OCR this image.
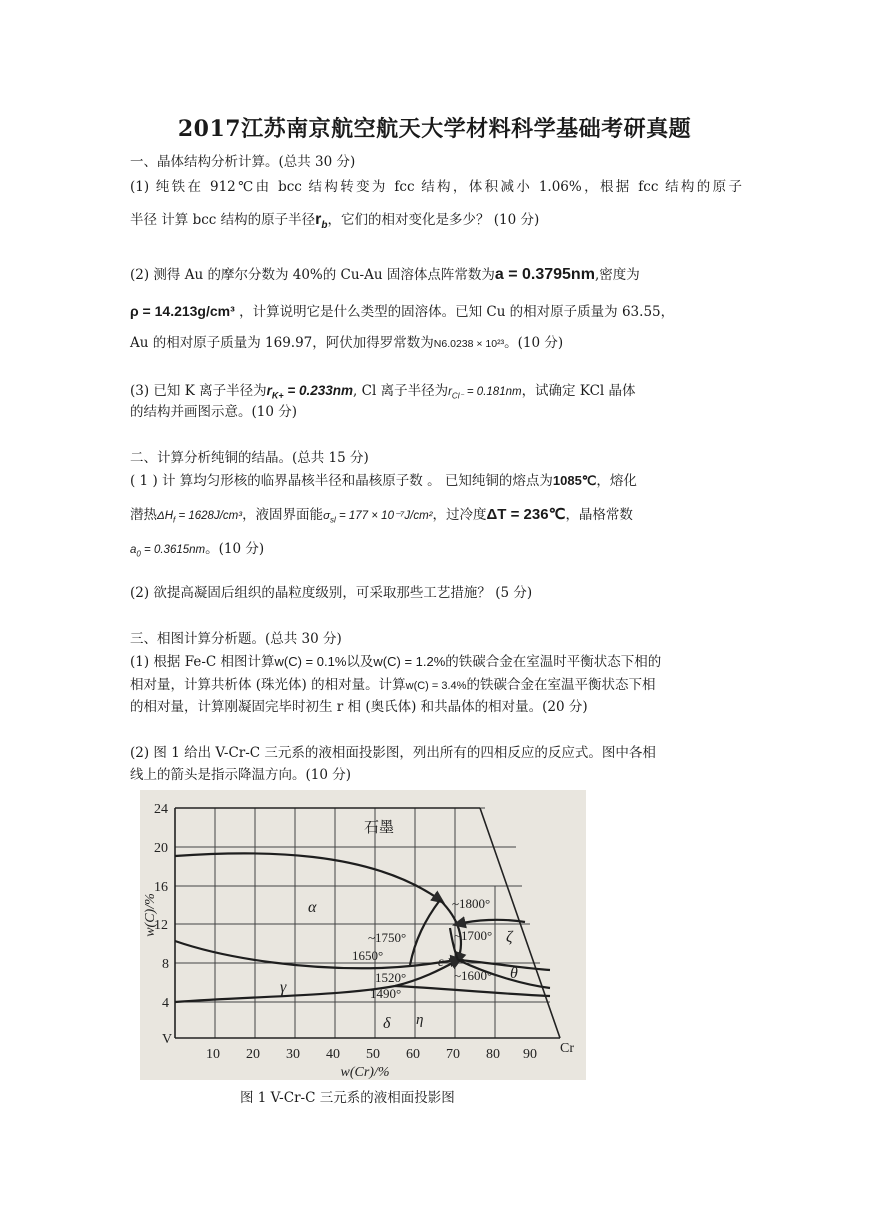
2017江苏南京航空航天大学材料科学基础考研真题
一、晶体结构分析计算。(总共 30 分)
(1) 纯铁在 912℃由 bcc 结构转变为 fcc 结构，体积减小 1.06%，根据 fcc 结构的原子
半径 计算 bcc 结构的原子半径$r_b$，它们的相对变化是多少？ (10 分)
(2) 测得 Au 的摩尔分数为 40%的 Cu-Au 固溶体点阵常数为a = 0.3795nm,密度为
ρ = 14.213g/cm³ ，计算说明它是什么类型的固溶体。已知 Cu 的相对原子质量为 63.55，
Au 的相对原子质量为 169.97，阿伏加得罗常数为N6.0238 × 10²³。(10 分)
(3) 已知 K 离子半径为$r_{K+} = 0.233nm$, Cl 离子半径为$r_{Cl^-} = 0.181nm$，试确定 KCl 晶体
的结构并画图示意。(10 分)
二、计算分析纯铜的结晶。(总共 15 分)
( 1 ) 计 算均匀形核的临界晶核半径和晶核原子数 。 已知纯铜的熔点为1085℃，熔化
潜热$\Delta H_f = 1628J/cm^3$，液固界面能$\sigma_{sl} = 177 \times 10^{-7}J/cm^2$，过冷度ΔT = 236℃，晶格常数
$a_0 = 0.3615nm$。(10 分)
(2) 欲提高凝固后组织的晶粒度级别，可采取那些工艺措施？ (5 分)
三、相图计算分析题。(总共 30 分)
(1) 根据 Fe-C 相图计算w(C) = 0.1%以及w(C) = 1.2%的铁碳合金在室温时平衡状态下相的
相对量，计算共析体 (珠光体) 的相对量。计算w(C) = 3.4%的铁碳合金在室温平衡状态下相
的相对量，计算刚凝固完毕时初生 r 相 (奥氏体) 和共晶体的相对量。(20 分)
(2) 图 1 给出 V-Cr-C 三元系的液相面投影图，列出所有的四相反应的反应式。图中各相
线上的箭头是指示降温方向。(10 分)
24
20
16
12
8
4
V
10 20 30 40 50 60 70 80 90 Cr
w(C)/%
w(Cr)/%
石墨
α
γ
δ
ε
ζ
θ
η
~1800°
~1750°	~1700°
1650°
~1600°
1520°
1490°
图 1 V-Cr-C 三元系的液相面投影图
